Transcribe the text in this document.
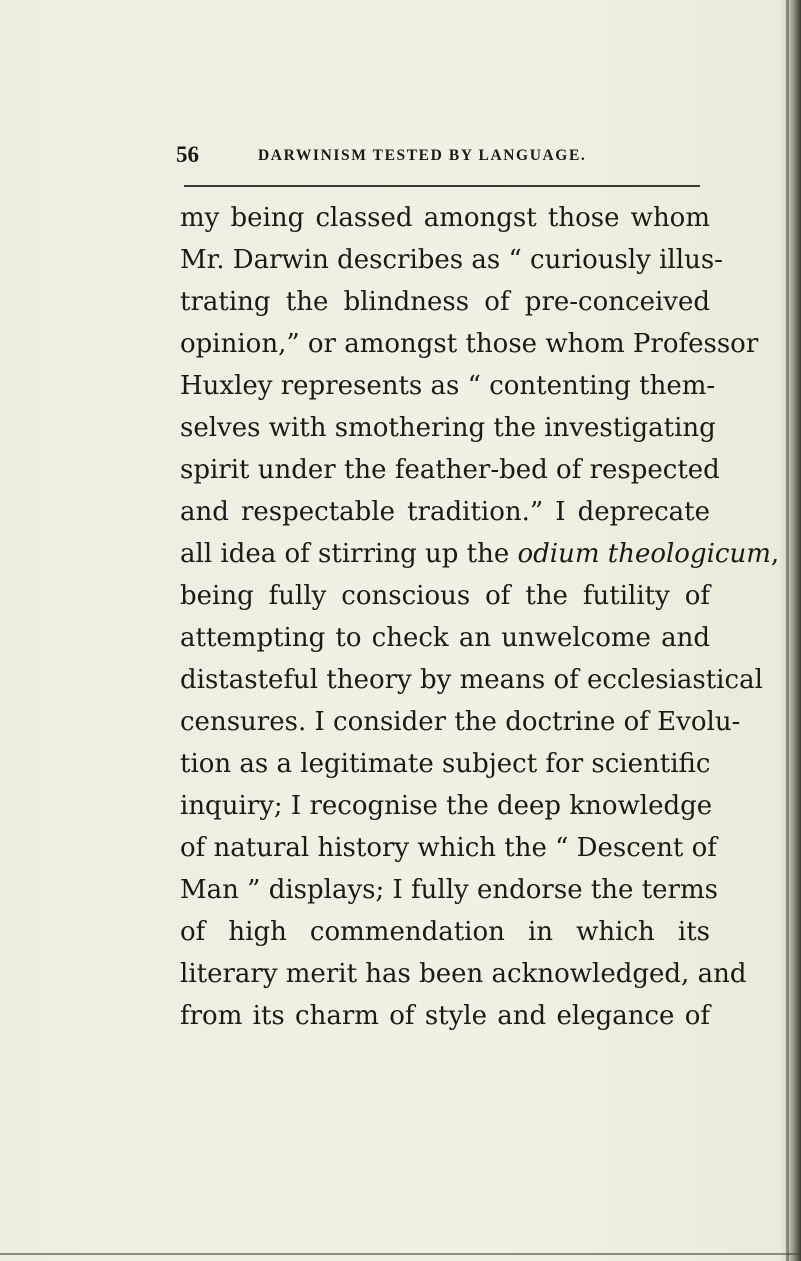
56	DARWINISM TESTED BY LANGUAGE.
my being classed amongst those whom
Mr. Darwin describes as “ curiously illus-
trating the blindness of pre-conceived
opinion,” or amongst those whom Professor
Huxley represents as “ contenting them-
selves with smothering the investigating
spirit under the feather-bed of respected
and respectable tradition.” I deprecate
all idea of stirring up the odium theologicum,
being fully conscious of the futility of
attempting to check an unwelcome and
distasteful theory by means of ecclesiastical
censures. I consider the doctrine of Evolu-
tion as a legitimate subject for scientific
inquiry; I recognise the deep knowledge
of natural history which the “ Descent of
Man ” displays; I fully endorse the terms
of high commendation in which its
literary merit has been acknowledged, and
from its charm of style and elegance of
